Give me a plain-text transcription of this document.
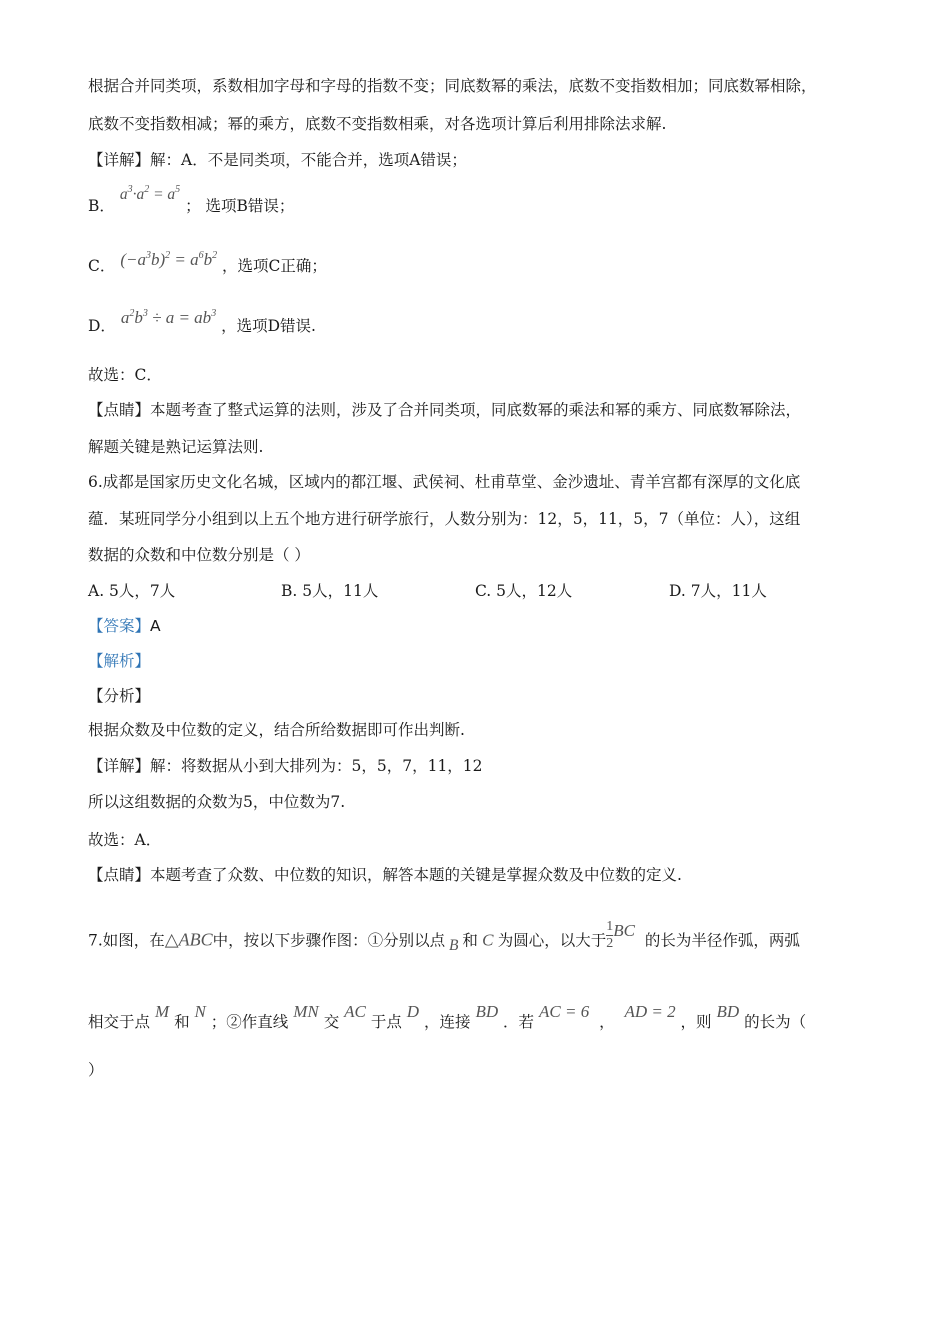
根据合并同类项，系数相加字母和字母的指数不变；同底数幂的乘法，底数不变指数相加；同底数幂相除，
底数不变指数相减；幂的乘方，底数不变指数相乘，对各选项计算后利用排除法求解.
【详解】解：A．不是同类项，不能合并，选项A错误；
B． $a^3\cdot a^2 = a^5$ ； 选项B错误；
C． $(-a^3b)^2 = a^6b^2$ ，选项C正确；
D． $a^2b^3 \div a = ab^3$ ，选项D错误.
故选：C．
【点睛】本题考查了整式运算的法则，涉及了合并同类项，同底数幂的乘法和幂的乘方、同底数幂除法，
解题关键是熟记运算法则.
6.成都是国家历史文化名城，区域内的都江堰、武侯祠、杜甫草堂、金沙遗址、青羊宫都有深厚的文化底
蕴．某班同学分小组到以上五个地方进行研学旅行，人数分别为：12，5，11，5，7（单位：人），这组
数据的众数和中位数分别是（ ）
A. 5人，7人	B. 5人，11人	C. 5人，12人	D. 7人，11人
【答案】A
【解析】
【分析】
根据众数及中位数的定义，结合所给数据即可作出判断.
【详解】解：将数据从小到大排列为：5，5，7，11，12
所以这组数据的众数为5，中位数为7.
故选：A．
【点睛】本题考查了众数、中位数的知识，解答本题的关键是掌握众数及中位数的定义.
7.如图，在△ABC中，按以下步骤作图：①分别以点 B 和 C 为圆心，以大于 $\frac{1}{2}$ BC  的长为半径作弧，两弧
相交于点 M 和 N ；②作直线 MN 交 AC 于点 D ，连接 BD ．若 AC = 6  ，  AD = 2 ，则 BD 的长为（
）
